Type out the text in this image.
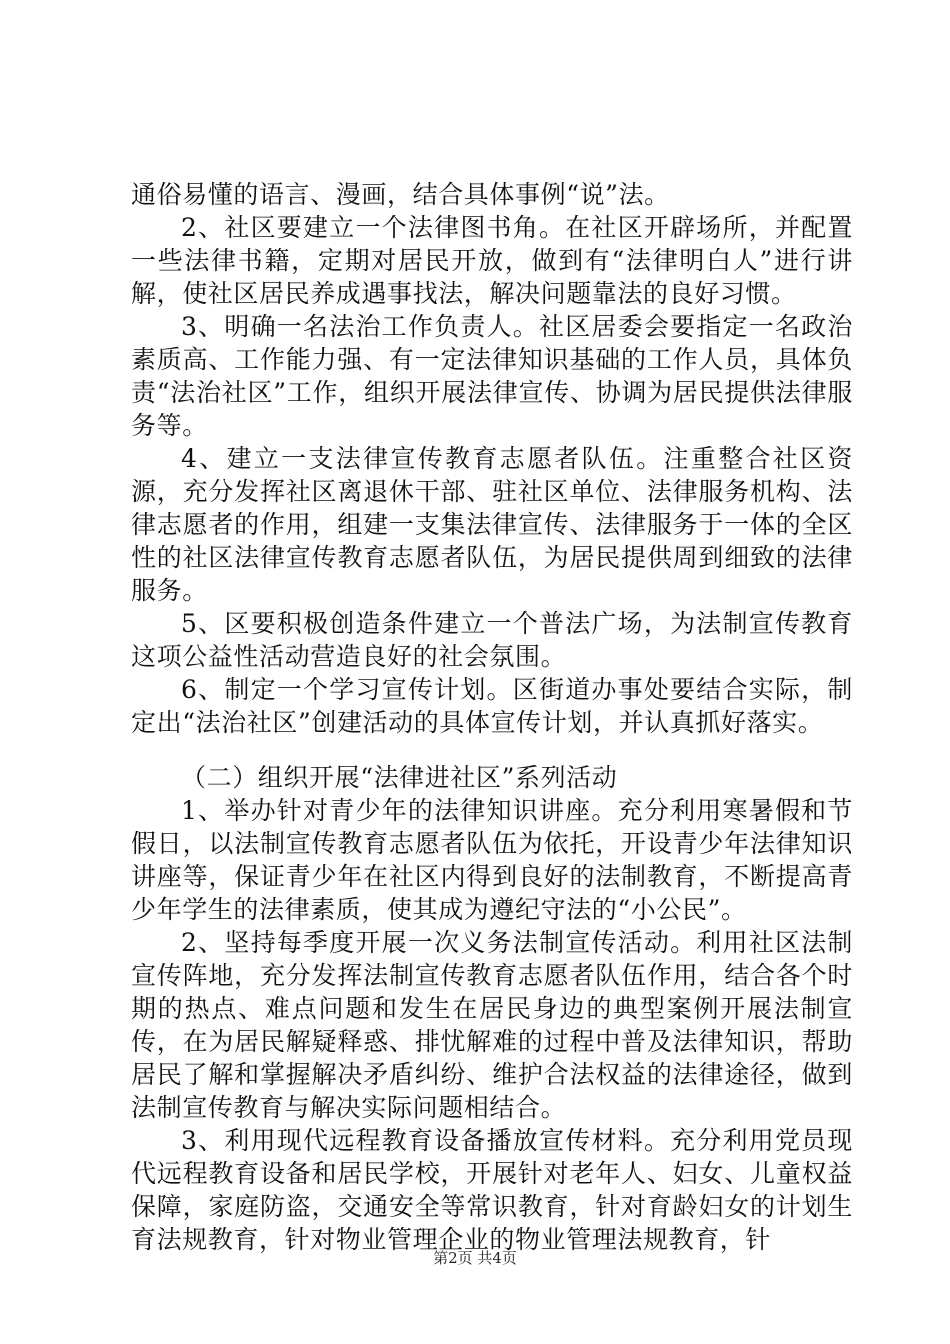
通俗易懂的语言、漫画，结合具体事例“说”法。

2、社区要建立一个法律图书角。在社区开辟场所，并配置一些法律书籍，定期对居民开放，做到有“法律明白人”进行讲解，使社区居民养成遇事找法，解决问题靠法的良好习惯。

3、明确一名法治工作负责人。社区居委会要指定一名政治素质高、工作能力强、有一定法律知识基础的工作人员，具体负责“法治社区”工作，组织开展法律宣传、协调为居民提供法律服务等。

4、建立一支法律宣传教育志愿者队伍。注重整合社区资源，充分发挥社区离退休干部、驻社区单位、法律服务机构、法律志愿者的作用，组建一支集法律宣传、法律服务于一体的全区性的社区法律宣传教育志愿者队伍，为居民提供周到细致的法律服务。

5、区要积极创造条件建立一个普法广场，为法制宣传教育这项公益性活动营造良好的社会氛围。

6、制定一个学习宣传计划。区街道办事处要结合实际，制定出“法治社区”创建活动的具体宣传计划，并认真抓好落实。

（二）组织开展“法律进社区”系列活动

1、举办针对青少年的法律知识讲座。充分利用寒暑假和节假日，以法制宣传教育志愿者队伍为依托，开设青少年法律知识讲座等，保证青少年在社区内得到良好的法制教育，不断提高青少年学生的法律素质，使其成为遵纪守法的“小公民”。

2、坚持每季度开展一次义务法制宣传活动。利用社区法制宣传阵地，充分发挥法制宣传教育志愿者队伍作用，结合各个时期的热点、难点问题和发生在居民身边的典型案例开展法制宣传，在为居民解疑释惑、排忧解难的过程中普及法律知识，帮助居民了解和掌握解决矛盾纠纷、维护合法权益的法律途径，做到法制宣传教育与解决实际问题相结合。

3、利用现代远程教育设备播放宣传材料。充分利用党员现代远程教育设备和居民学校，开展针对老年人、妇女、儿童权益保障，家庭防盗，交通安全等常识教育，针对育龄妇女的计划生育法规教育，针对物业管理企业的物业管理法规教育，针

第2页 共4页
